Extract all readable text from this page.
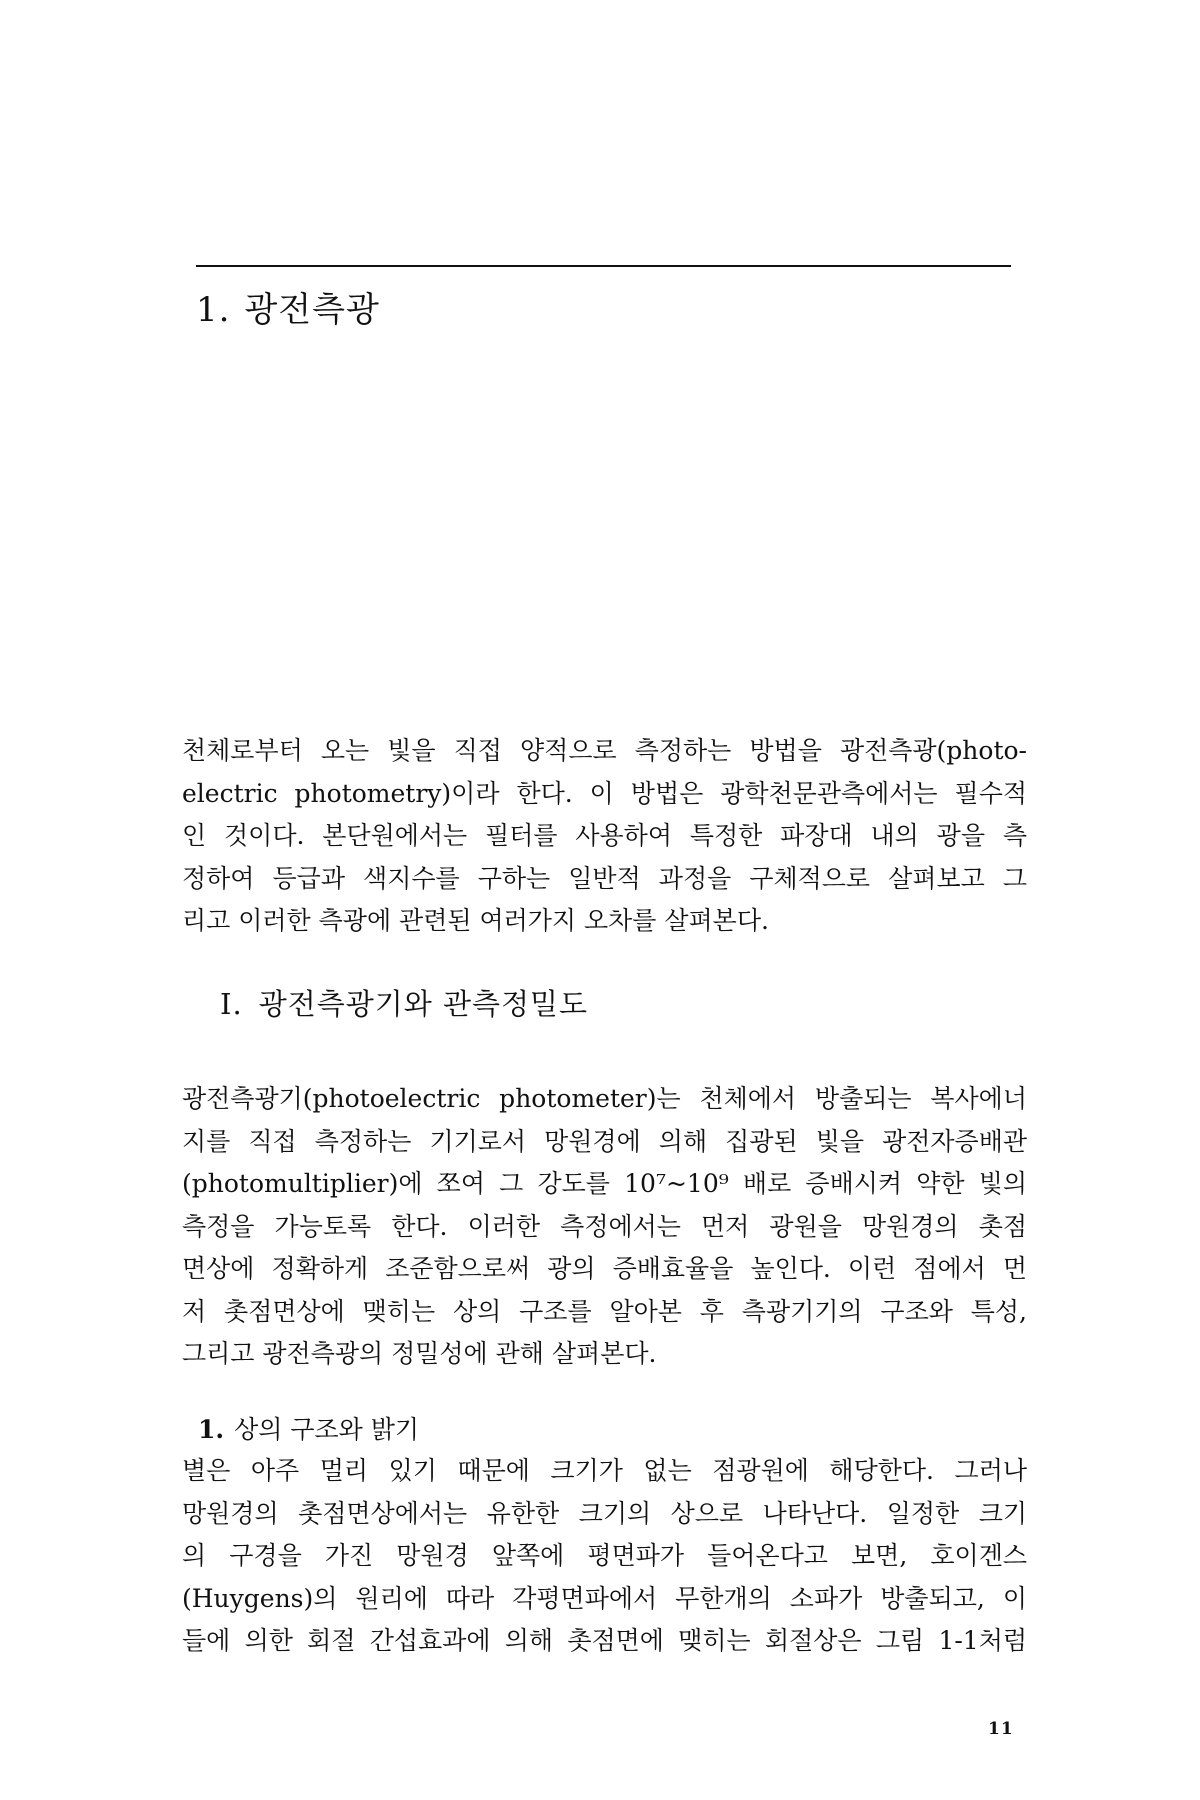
1. 광전측광
천체로부터 오는 빛을 직접 양적으로 측정하는 방법을 광전측광(photo-
electric photometry)이라 한다. 이 방법은 광학천문관측에서는 필수적
인 것이다. 본단원에서는 필터를 사용하여 특정한 파장대 내의 광을 측
정하여 등급과 색지수를 구하는 일반적 과정을 구체적으로 살펴보고 그
리고 이러한 측광에 관련된 여러가지 오차를 살펴본다.
I. 광전측광기와 관측정밀도
광전측광기(photoelectric photometer)는 천체에서 방출되는 복사에너
지를 직접 측정하는 기기로서 망원경에 의해 집광된 빛을 광전자증배관
(photomultiplier)에 쪼여 그 강도를 10⁷~10⁹ 배로 증배시켜 약한 빛의
측정을 가능토록 한다. 이러한 측정에서는 먼저 광원을 망원경의 촛점
면상에 정확하게 조준함으로써 광의 증배효율을 높인다. 이런 점에서 먼
저 촛점면상에 맺히는 상의 구조를 알아본 후 측광기기의 구조와 특성,
그리고 광전측광의 정밀성에 관해 살펴본다.
1. 상의 구조와 밝기
별은 아주 멀리 있기 때문에 크기가 없는 점광원에 해당한다. 그러나
망원경의 촛점면상에서는 유한한 크기의 상으로 나타난다. 일정한 크기
의 구경을 가진 망원경 앞쪽에 평면파가 들어온다고 보면, 호이겐스
(Huygens)의 원리에 따라 각평면파에서 무한개의 소파가 방출되고, 이
들에 의한 회절 간섭효과에 의해 촛점면에 맺히는 회절상은 그림 1-1처럼
11
